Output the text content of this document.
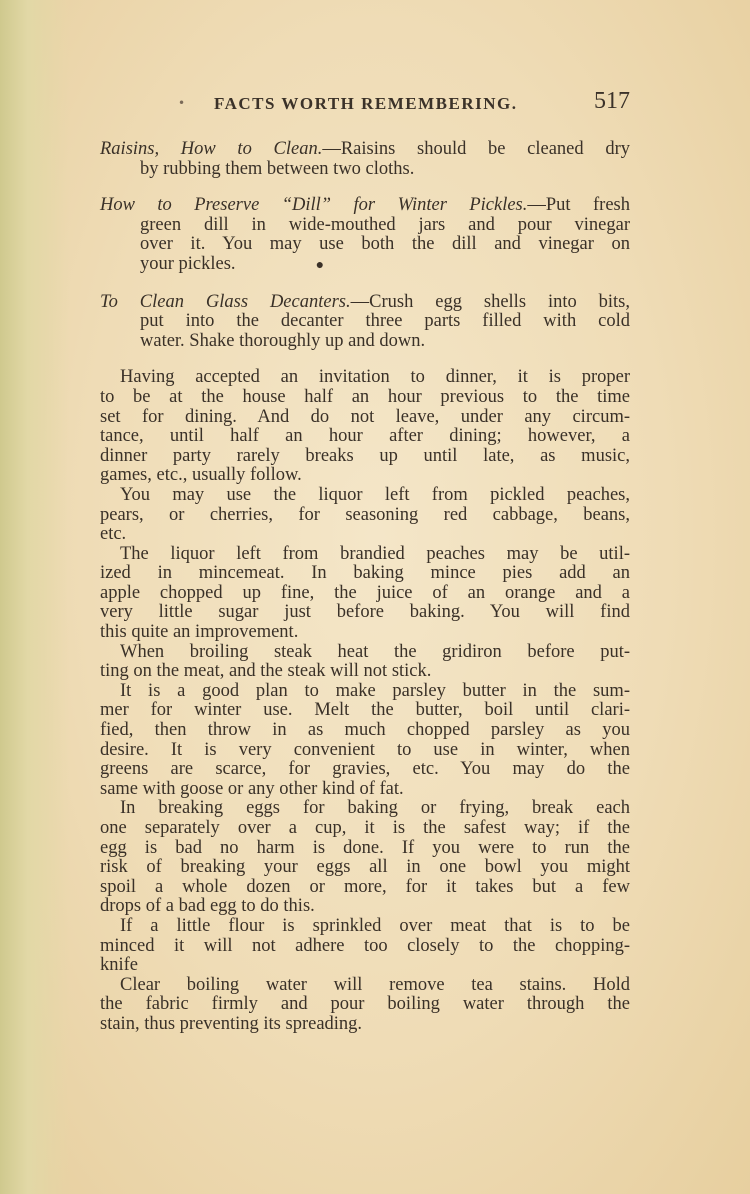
• FACTS WORTH REMEMBERING.	517
Raisins, How to Clean.—Raisins should be cleaned dry
by rubbing them between two cloths.
How to Preserve “Dill” for Winter Pickles.—Put fresh
green dill in wide-mouthed jars and pour vinegar
over it. You may use both the dill and vinegar on
your pickles.	●
To Clean Glass Decanters.—Crush egg shells into bits,
put into the decanter three parts filled with cold
water. Shake thoroughly up and down.
Having accepted an invitation to dinner, it is proper
to be at the house half an hour previous to the time
set for dining. And do not leave, under any circum-
tance, until half an hour after dining; however, a
dinner party rarely breaks up until late, as music,
games, etc., usually follow.
You may use the liquor left from pickled peaches,
pears, or cherries, for seasoning red cabbage, beans,
etc.
The liquor left from brandied peaches may be util-
ized in mincemeat. In baking mince pies add an
apple chopped up fine, the juice of an orange and a
very little sugar just before baking. You will find
this quite an improvement.
When broiling steak heat the gridiron before put-
ting on the meat, and the steak will not stick.
It is a good plan to make parsley butter in the sum-
mer for winter use. Melt the butter, boil until clari-
fied, then throw in as much chopped parsley as you
desire. It is very convenient to use in winter, when
greens are scarce, for gravies, etc. You may do the
same with goose or any other kind of fat.
In breaking eggs for baking or frying, break each
one separately over a cup, it is the safest way; if the
egg is bad no harm is done. If you were to run the
risk of breaking your eggs all in one bowl you might
spoil a whole dozen or more, for it takes but a few
drops of a bad egg to do this.
If a little flour is sprinkled over meat that is to be
minced it will not adhere too closely to the chopping-
knife
Clear boiling water will remove tea stains. Hold
the fabric firmly and pour boiling water through the
stain, thus preventing its spreading.
